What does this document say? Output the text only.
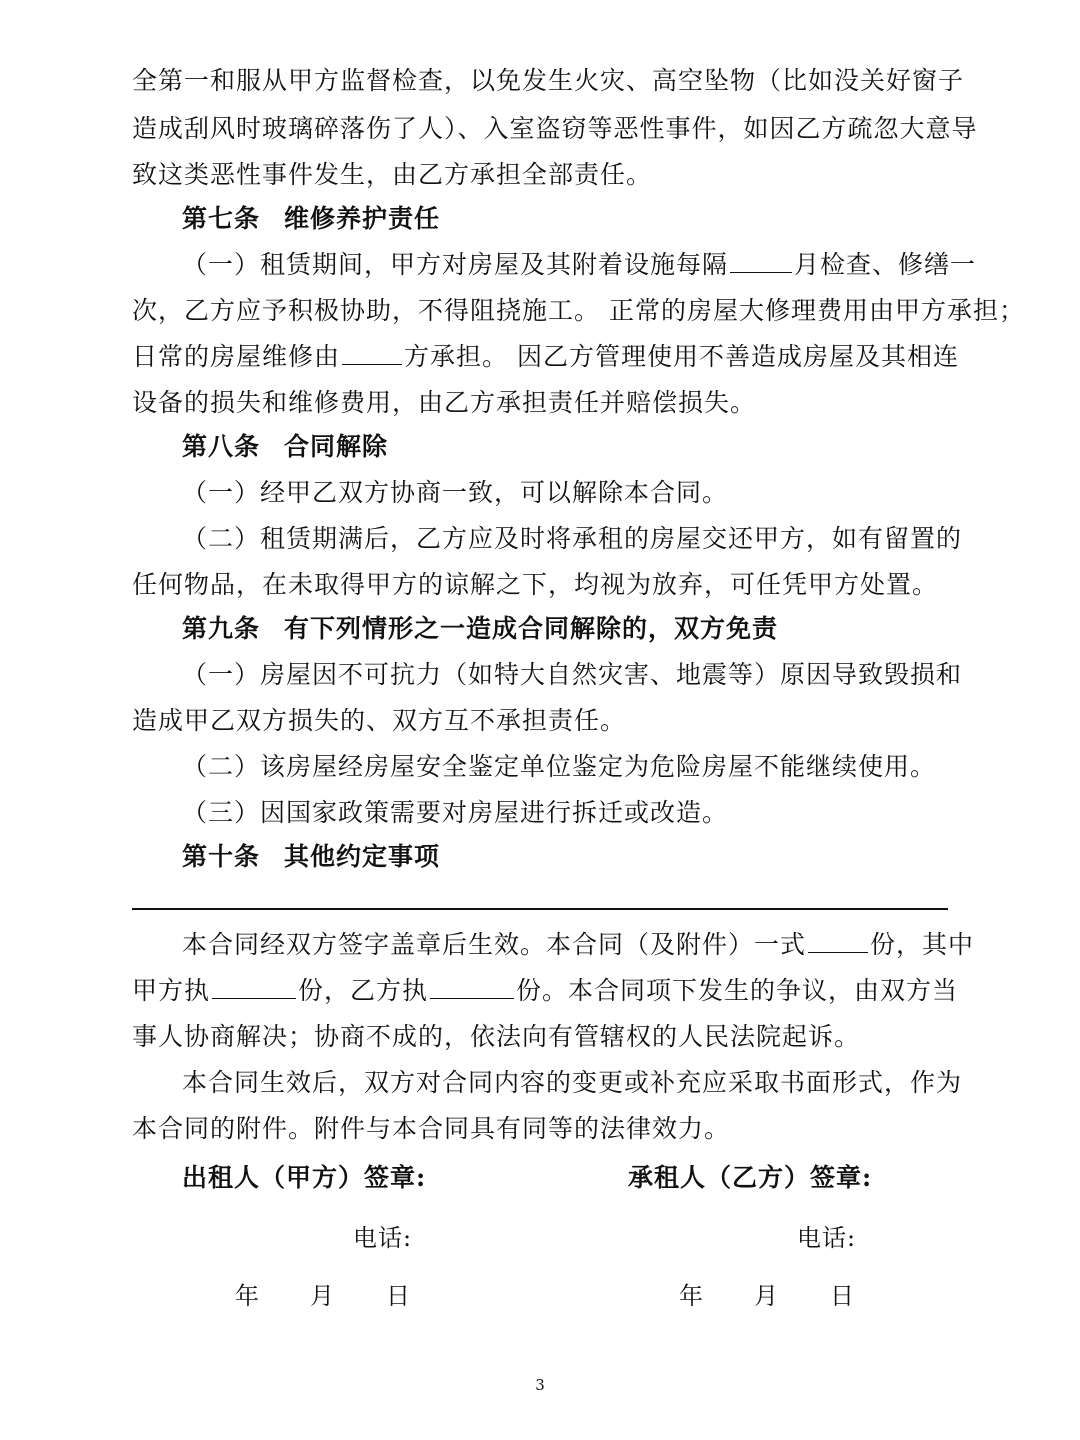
全第一和服从甲方监督检查，以免发生火灾、高空坠物（比如没关好窗子

造成刮风时玻璃碎落伤了人）、入室盗窃等恶性事件，如因乙方疏忽大意导

致这类恶性事件发生，由乙方承担全部责任。

第七条 维修养护责任

（一）租赁期间，甲方对房屋及其附着设施每隔	月检查、修缮一

次，乙方应予积极协助，不得阻挠施工。 正常的房屋大修理费用由甲方承担；

日常的房屋维修由	方承担。 因乙方管理使用不善造成房屋及其相连

设备的损失和维修费用，由乙方承担责任并赔偿损失。

第八条 合同解除

（一）经甲乙双方协商一致，可以解除本合同。

（二）租赁期满后，乙方应及时将承租的房屋交还甲方，如有留置的

任何物品，在未取得甲方的谅解之下，均视为放弃，可任凭甲方处置。

第九条 有下列情形之一造成合同解除的，双方免责

（一）房屋因不可抗力（如特大自然灾害、地震等）原因导致毁损和

造成甲乙双方损失的、双方互不承担责任。

（二）该房屋经房屋安全鉴定单位鉴定为危险房屋不能继续使用。

（三）因国家政策需要对房屋进行拆迁或改造。

第十条 其他约定事项

本合同经双方签字盖章后生效。本合同（及附件）一式	份，其中

甲方执	份，乙方执	份。本合同项下发生的争议，由双方当

事人协商解决；协商不成的，依法向有管辖权的人民法院起诉。

本合同生效后，双方对合同内容的变更或补充应采取书面形式，作为

本合同的附件。附件与本合同具有同等的法律效力。

出租人（甲方）签章:	承租人（乙方）签章:
电话:	电话:
年 月 日	年 月 日
3
